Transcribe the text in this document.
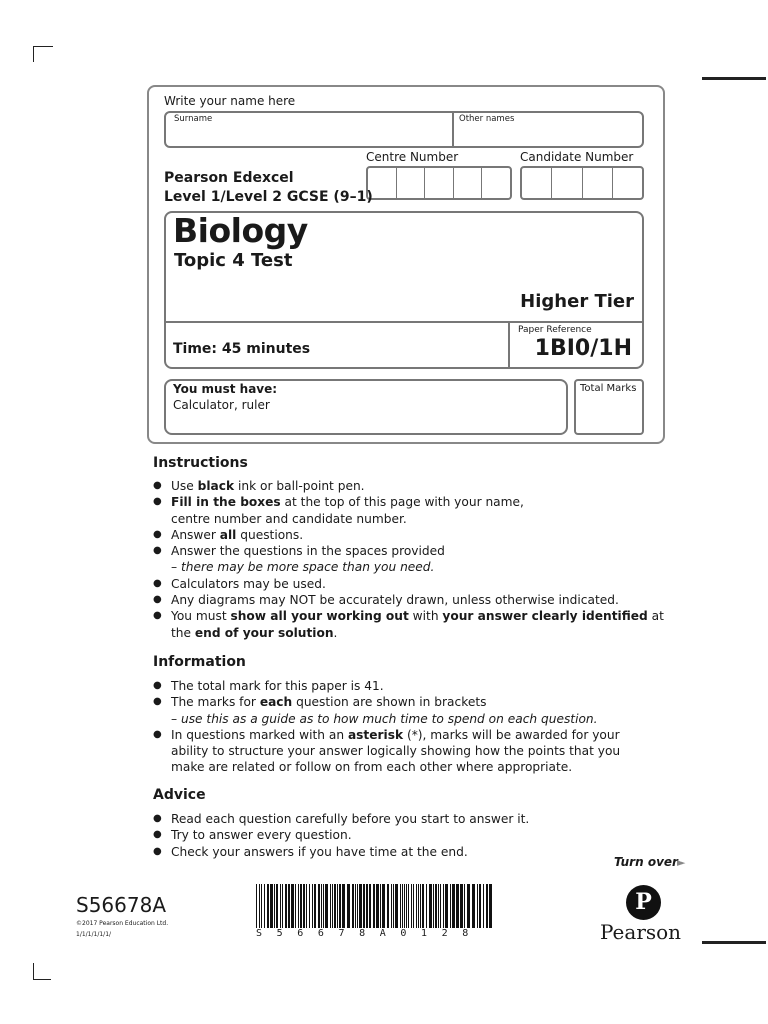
Write your name here
Surname	Other names
Centre Number	Candidate Number
Pearson Edexcel
Level 1/Level 2 GCSE (9–1)
Biology
Topic 4 Test
Higher Tier
Time: 45 minutes
Paper Reference
1BI0/1H
You must have:
Calculator, ruler
Total Marks
Instructions
● Use black ink or ball-point pen.
● Fill in the boxes at the top of this page with your name,
centre number and candidate number.
● Answer all questions.
● Answer the questions in the spaces provided
– there may be more space than you need.
● Calculators may be used.
● Any diagrams may NOT be accurately drawn, unless otherwise indicated.
● You must show all your working out with your answer clearly identified at
the end of your solution.
Information
● The total mark for this paper is 41.
● The marks for each question are shown in brackets
– use this as a guide as to how much time to spend on each question.
● In questions marked with an asterisk (*), marks will be awarded for your
ability to structure your answer logically showing how the points that you
make are related or follow on from each other where appropriate.
Advice
● Read each question carefully before you start to answer it.
● Try to answer every question.
● Check your answers if you have time at the end.
Turn over ►
S56678A
©2017 Pearson Education Ltd.
1/1/1/1/1/1/	S56678A0128
P
Pearson
